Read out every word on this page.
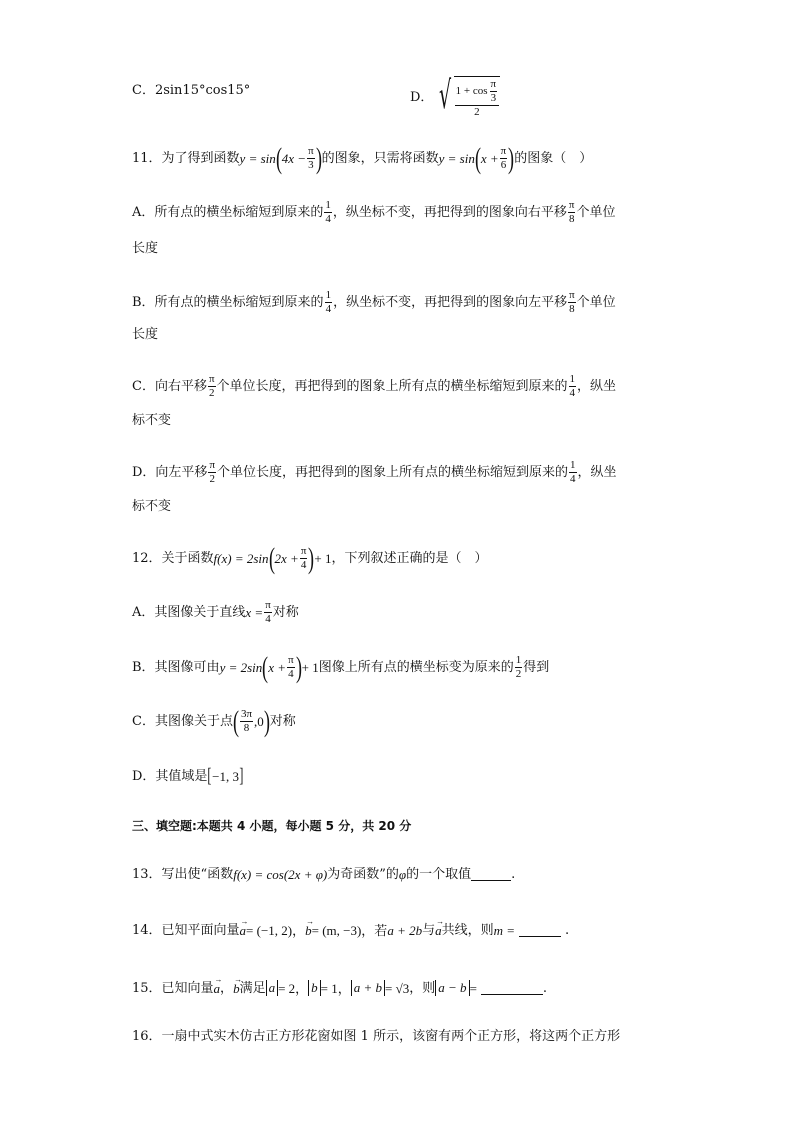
C．2sin15°cos15°	D． √ $\frac{1 + \cos \frac{\pi}{3}}{2}$
11．为了得到函数 y = sin ( $4x - \frac{\pi}{3}$ ) 的图象，只需将函数 y = sin ( $x + \frac{\pi}{6}$ ) 的图象（　）
A．所有点的横坐标缩短到原来的 $\frac{1}{4}$ ，纵坐标不变，再把得到的图象向右平移 $\frac{\pi}{8}$ 个单位
长度
B．所有点的横坐标缩短到原来的 $\frac{1}{4}$ ，纵坐标不变，再把得到的图象向左平移 $\frac{\pi}{8}$ 个单位
长度
C．向右平移 $\frac{\pi}{2}$ 个单位长度，再把得到的图象上所有点的横坐标缩短到原来的 $\frac{1}{4}$ ，纵坐
标不变
D．向左平移 $\frac{\pi}{2}$ 个单位长度，再把得到的图象上所有点的横坐标缩短到原来的 $\frac{1}{4}$ ，纵坐
标不变
12．关于函数 f(x) = 2sin ( $2x + \frac{\pi}{4}$ ) + 1 ，下列叙述正确的是（　）
A．其图像关于直线 $x = \frac{\pi}{4}$ 对称
B．其图像可由 y = 2sin ( $x + \frac{\pi}{4}$ ) + 1 图像上所有点的横坐标变为原来的 $\frac{1}{2}$ 得到
C．其图像关于点 ( $\frac{3\pi}{8} ,0$ ) 对称
D．其值域是 [ −1, 3 ]
三、填空题:本题共 4 小题，每小题 5 分，共 20 分
13．写出使“函数 f(x) = cos(2x + φ) 为奇函数”的 φ 的一个取值	.
14．已知平面向量
→
a = (−1, 2)，
→
b = (m, −3)，若 a + 2b 与
→
a 共线，则 m =	.
15．已知向量
→
a ，
→
b 满足 a = 2， b = 1， a + b = √3 ，则 a − b =	.
16．一扇中式实木仿古正方形花窗如图 1 所示，该窗有两个正方形，将这两个正方形
